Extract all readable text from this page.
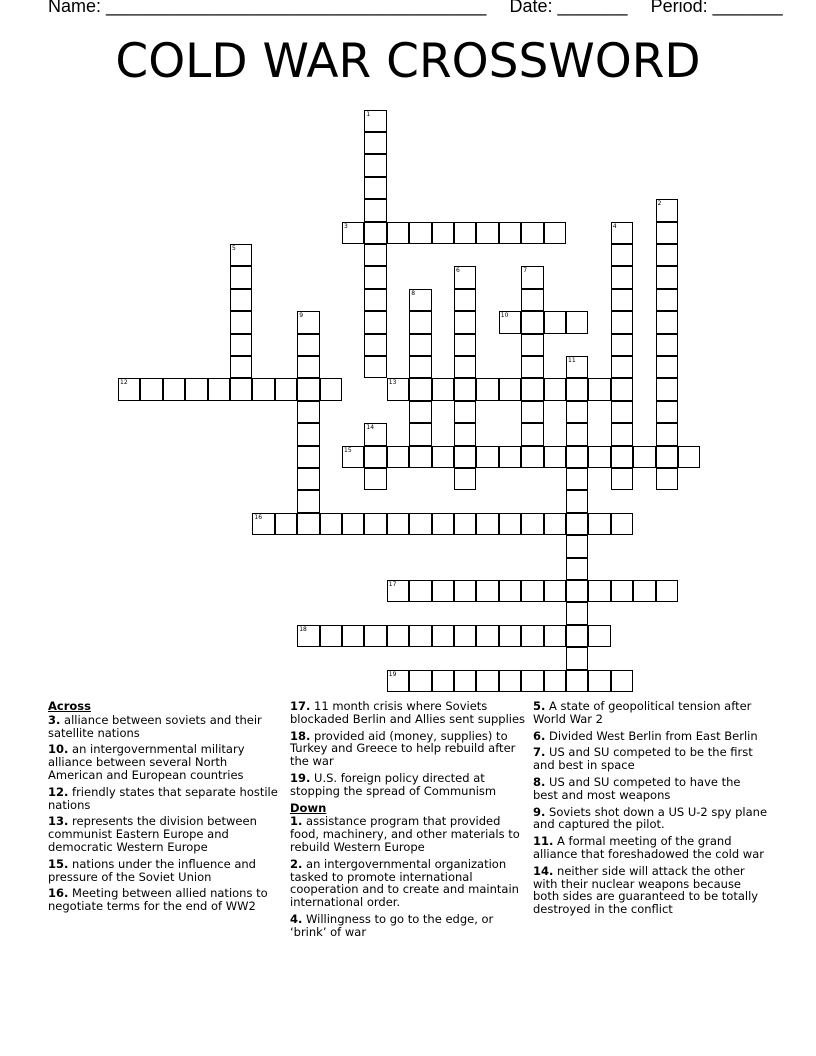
Name: ______________________________________ Date: _______ Period: _______
COLD WAR CROSSWORD
1
2
3	4
5
6	7
8
9	10
11
12	13
14
15
16
17
18
19
Across
3. alliance between soviets and their satellite nations
10. an intergovernmental military alliance between several North American and European countries
12. friendly states that separate hostile nations
13. represents the division between communist Eastern Europe and democratic Western Europe
15. nations under the influence and pressure of the Soviet Union
16. Meeting between allied nations to negotiate terms for the end of WW2
17. 11 month crisis where Soviets blockaded Berlin and Allies sent supplies
18. provided aid (money, supplies) to Turkey and Greece to help rebuild after the war
19. U.S. foreign policy directed at stopping the spread of Communism
Down
1. assistance program that provided food, machinery, and other materials to rebuild Western Europe
2. an intergovernmental organization tasked to promote international cooperation and to create and maintain international order.
4. Willingness to go to the edge, or ‘brink’ of war
5. A state of geopolitical tension after World War 2
6. Divided West Berlin from East Berlin
7. US and SU competed to be the first and best in space
8. US and SU competed to have the best and most weapons
9. Soviets shot down a US U-2 spy plane and captured the pilot.
11. A formal meeting of the grand alliance that foreshadowed the cold war
14. neither side will attack the other with their nuclear weapons because both sides are guaranteed to be totally destroyed in the conflict
